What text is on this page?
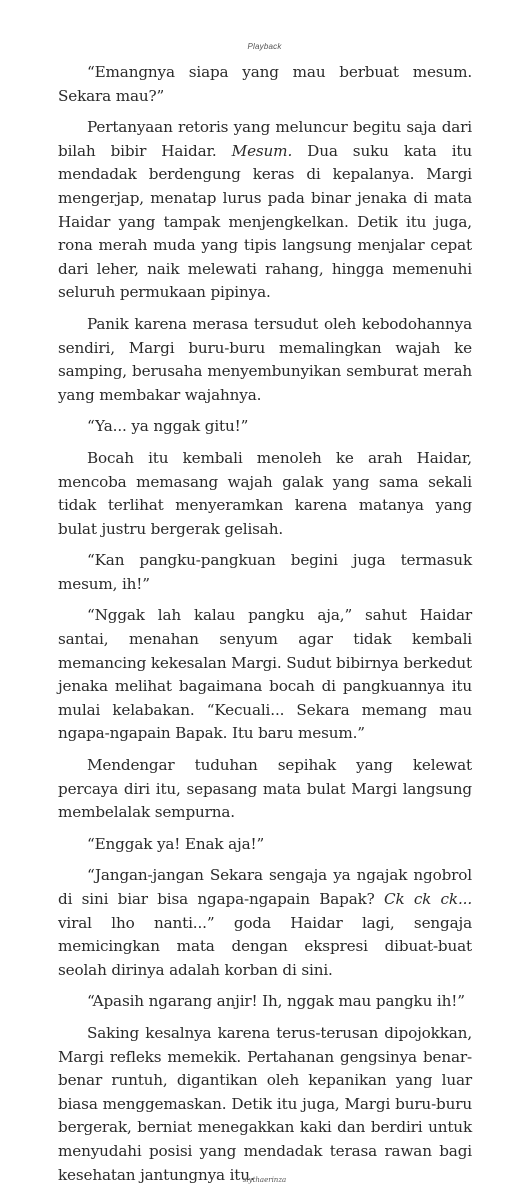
Playback

“Emangnya siapa yang mau berbuat mesum. Sekara mau?”

Pertanyaan retoris yang meluncur begitu saja dari bilah bibir Haidar. Mesum. Dua suku kata itu mendadak berdengung keras di kepalanya. Margi mengerjap, menatap lurus pada binar jenaka di mata Haidar yang tampak menjengkelkan. Detik itu juga, rona merah muda yang tipis langsung menjalar cepat dari leher, naik melewati rahang, hingga memenuhi seluruh permukaan pipinya.

Panik karena merasa tersudut oleh kebodohannya sendiri, Margi buru-buru memalingkan wajah ke samping, berusaha menyembunyikan semburat merah yang membakar wajahnya.

“Ya... ya nggak gitu!”

Bocah itu kembali menoleh ke arah Haidar, mencoba memasang wajah galak yang sama sekali tidak terlihat menyeramkan karena matanya yang bulat justru bergerak gelisah.

“Kan pangku-pangkuan begini juga termasuk mesum, ih!”

“Nggak lah kalau pangku aja,” sahut Haidar santai, menahan senyum agar tidak kembali memancing kekesalan Margi. Sudut bibirnya berkedut jenaka melihat bagaimana bocah di pangkuannya itu mulai kelabakan. “Kecuali... Sekara memang mau ngapa-ngapain Bapak. Itu baru mesum.”

Mendengar tuduhan sepihak yang kelewat percaya diri itu, sepasang mata bulat Margi langsung membelalak sempurna.

“Enggak ya! Enak aja!”

“Jangan-jangan Sekara sengaja ya ngajak ngobrol di sini biar bisa ngapa-ngapain Bapak? Ck ck ck... viral lho nanti...” goda Haidar lagi, sengaja memicingkan mata dengan ekspresi dibuat-buat seolah dirinya adalah korban di sini.

“Apasih ngarang anjir! Ih, nggak mau pangku ih!”

Saking kesalnya karena terus-terusan dipojokkan, Margi refleks memekik. Pertahanan gengsinya benar-benar runtuh, digantikan oleh kepanikan yang luar biasa menggemaskan. Detik itu juga, Margi buru-buru bergerak, berniat menegakkan kaki dan berdiri untuk menyudahi posisi yang mendadak terasa rawan bagi kesehatan jantungnya itu.

slythaerinza
